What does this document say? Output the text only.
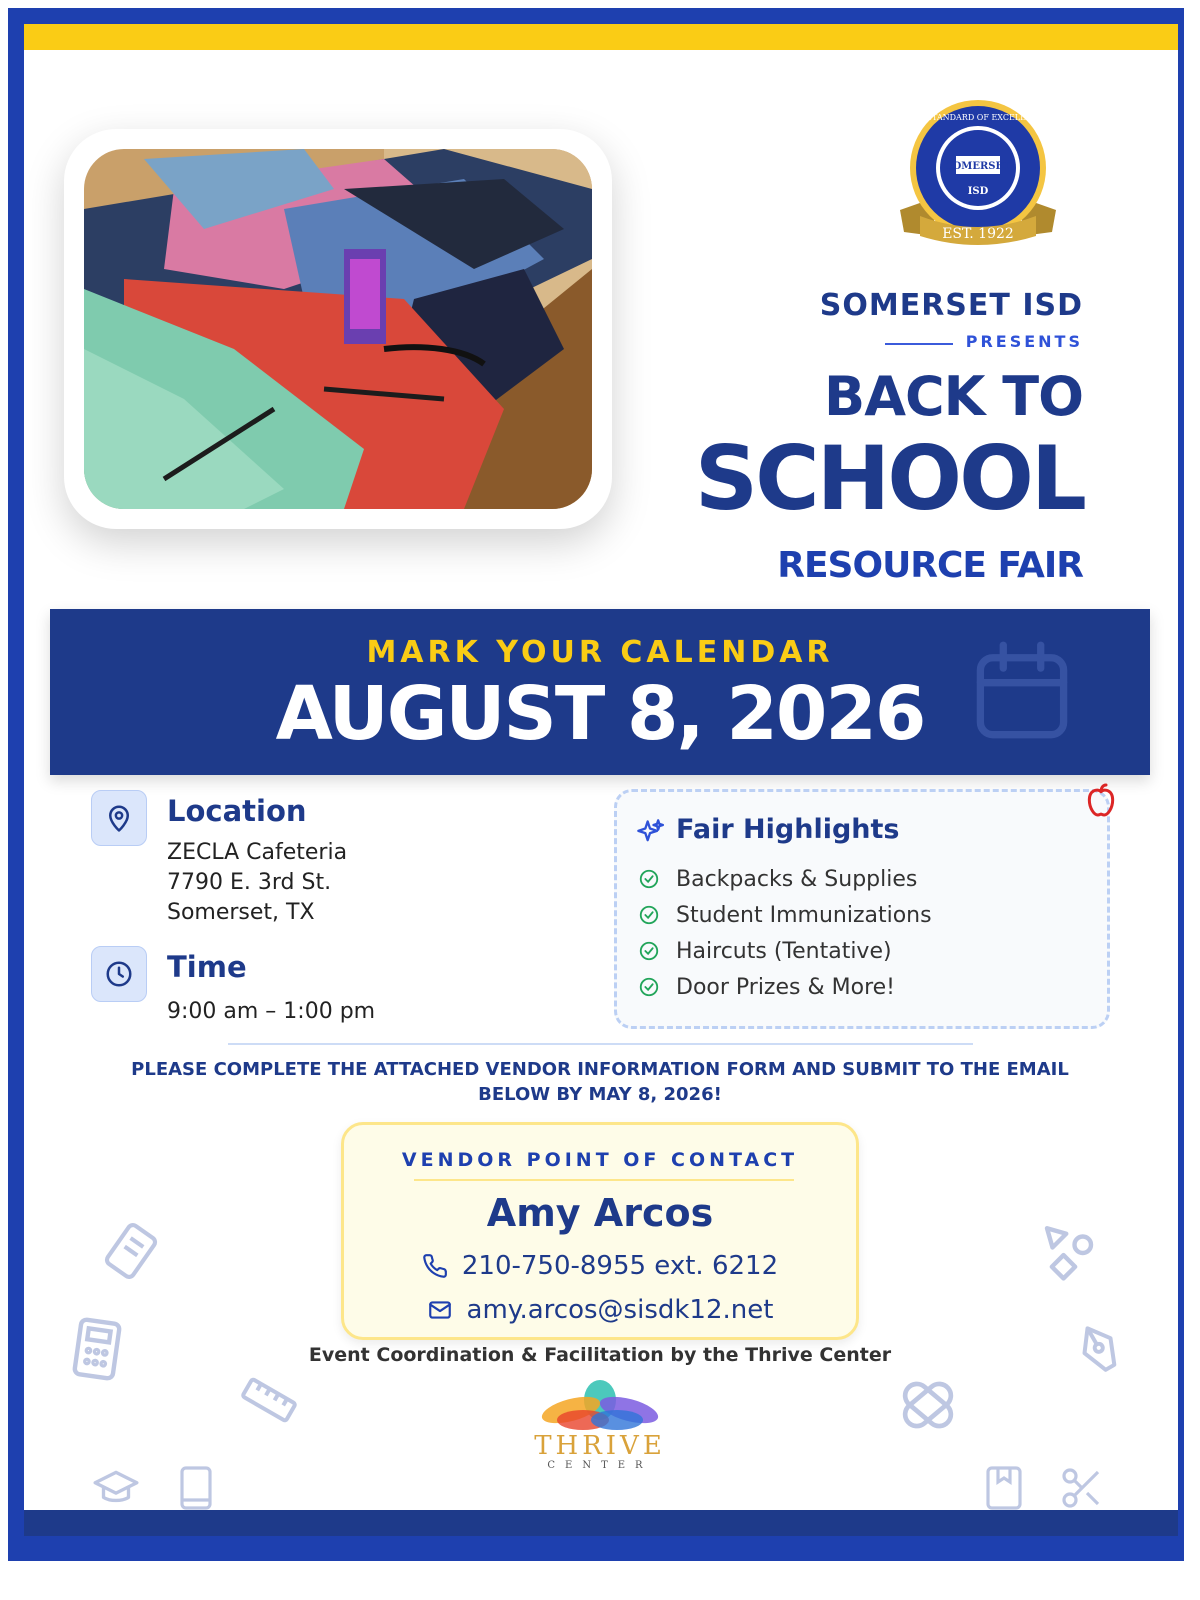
THE STANDARD OF EXCELLENCE
SOMERSET
ISD
EST. 1922
SOMERSET ISD
PRESENTS
BACK TO
SCHOOL
RESOURCE FAIR
MARK YOUR CALENDAR
AUGUST 8, 2026
Location
ZECLA Cafeteria
7790 E. 3rd St.
Somerset, TX
Time
9:00 am – 1:00 pm
Fair Highlights
Backpacks & Supplies
Student Immunizations
Haircuts (Tentative)
Door Prizes & More!
PLEASE COMPLETE THE ATTACHED VENDOR INFORMATION FORM AND SUBMIT TO THE EMAIL BELOW BY MAY 8, 2026!
VENDOR POINT OF CONTACT
Amy Arcos
210-750-8955 ext. 6212
amy.arcos@sisdk12.net
Event Coordination & Facilitation by the Thrive Center
THRIVE
CENTER
